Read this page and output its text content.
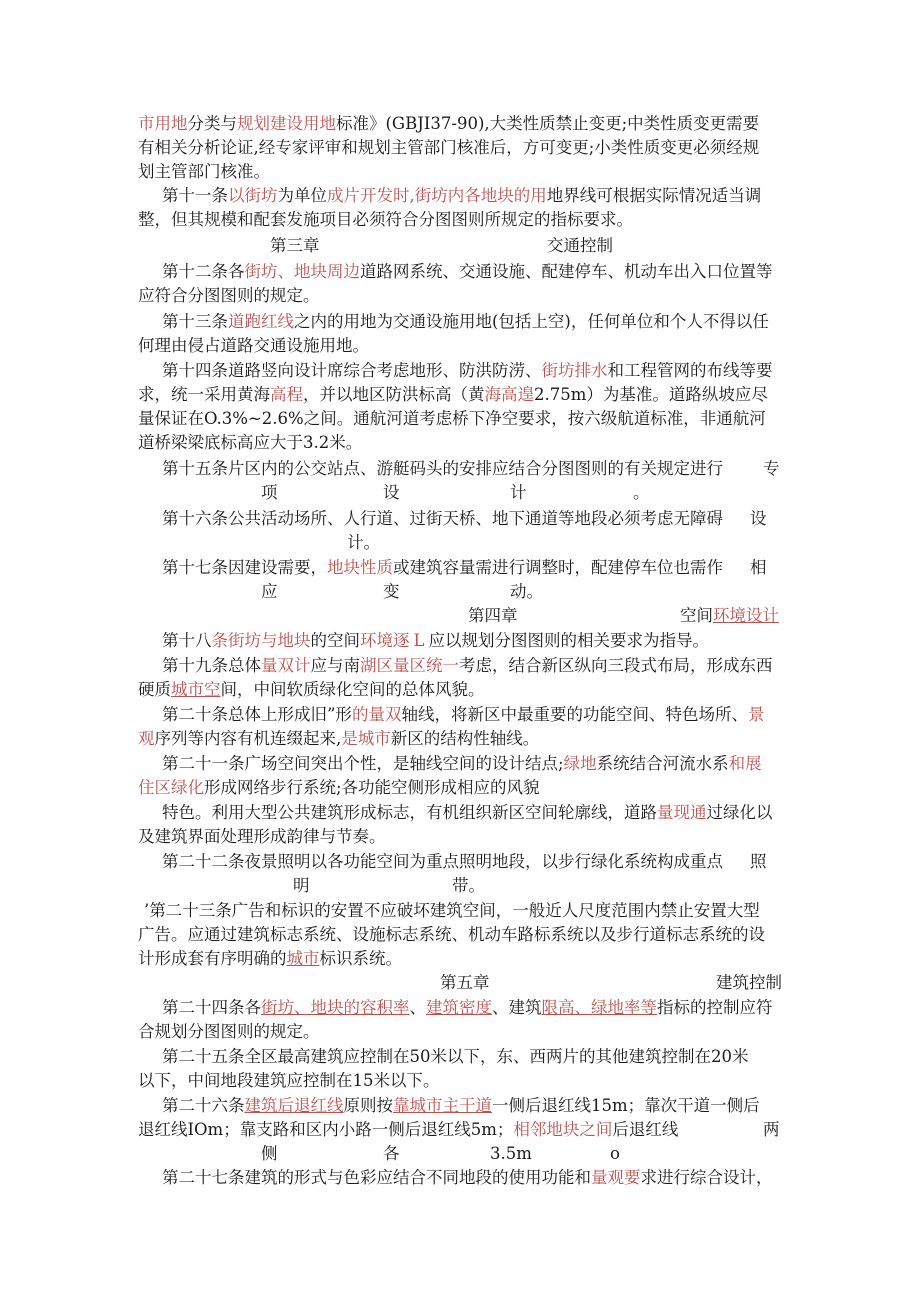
市用地分类与规划建设用地标准》(GBJI37-90),大类性质禁止变更;中类性质变更需要
有相关分析论证,经专家评审和规划主管部门核准后，方可变更;小类性质变更必须经规
划主管部门核准。
第十一条以街坊为单位成片开发时,街坊内各地块的用地界线可根据实际情况适当调
整，但其规模和配套发施项目必须符合分图图则所规定的指标要求。
第三章	交通控制
第十二条各街坊、地块周边道路网系统、交通设施、配建停车、机动车出入口位置等
应符合分图图则的规定。
第十三条道跑红线之内的用地为交通设施用地(包括上空)，任何单位和个人不得以任
何理由侵占道路交通设施用地。
第十四条道路竖向设计席综合考虑地形、防洪防涝、街坊排水和工程管网的布线等要
求，统一采用黄海高程，并以地区防洪标高（黄海高遑2.75m）为基准。道路纵坡应尽
量保证在O.3%~2.6%之间。通航河道考虑桥下净空要求，按六级航道标准，非通航河
道桥梁梁底标高应大于3.2米。
第十五条片区内的公交站点、游艇码头的安排应结合分图图则的有关规定进行	专
项	设	计	。
第十六条公共活动场所、人行道、过街天桥、地下通道等地段必须考虑无障碍	设
计。
第十七条因建设需要，地块性质或建筑容量需进行调整时，配建停车位也需作	相
应	变	动。
第四章	空间环境设计
第十八条街坊与地块的空间环境逐 L 应以规划分图图则的相关要求为指导。
第十九条总体量双计应与南湖区量区统一考虑，结合新区纵向三段式布局，形成东西
硬质城市空间，中间软质绿化空间的总体风貌。
第二十条总体上形成旧”形的量双轴线，将新区中最重要的功能空间、特色场所、景
观序列等内容有机连缀起来,是城市新区的结构性轴线。
第二十一条广场空间突出个性，是轴线空间的设计结点;绿地系统结合河流水系和展
住区绿化形成网络步行系统;各功能空侧形成相应的风貌
特色。利用大型公共建筑形成标志，有机组织新区空间轮廓线，道路量现通过绿化以
及建筑界面处理形成韵律与节奏。
第二十二条夜景照明以各功能空间为重点照明地段，以步行绿化系统构成重点	照
明	带。
’第二十三条广告和标识的安置不应破坏建筑空间，一般近人尺度范围内禁止安置大型
广告。应通过建筑标志系统、设施标志系统、机动车路标系统以及步行道标志系统的设
计形成套有序明确的城市标识系统。
第五章	建筑控制
第二十四条各街坊、地块的容积率、建筑密度、建筑限高、绿地率等指标的控制应符
合规划分图图则的规定。
第二十五条全区最高建筑应控制在50米以下，东、西两片的其他建筑控制在20米
以下，中间地段建筑应控制在15米以下。
第二十六条建筑后退红线原则按靠城市主干道一侧后退红线15m；靠次干道一侧后
退红线IOm；靠支路和区内小路一侧后退红线5m；相邻地块之间后退红线	两
侧	各	3.5m	o
第二十七条建筑的形式与色彩应结合不同地段的使用功能和量观要求进行综合设计，
